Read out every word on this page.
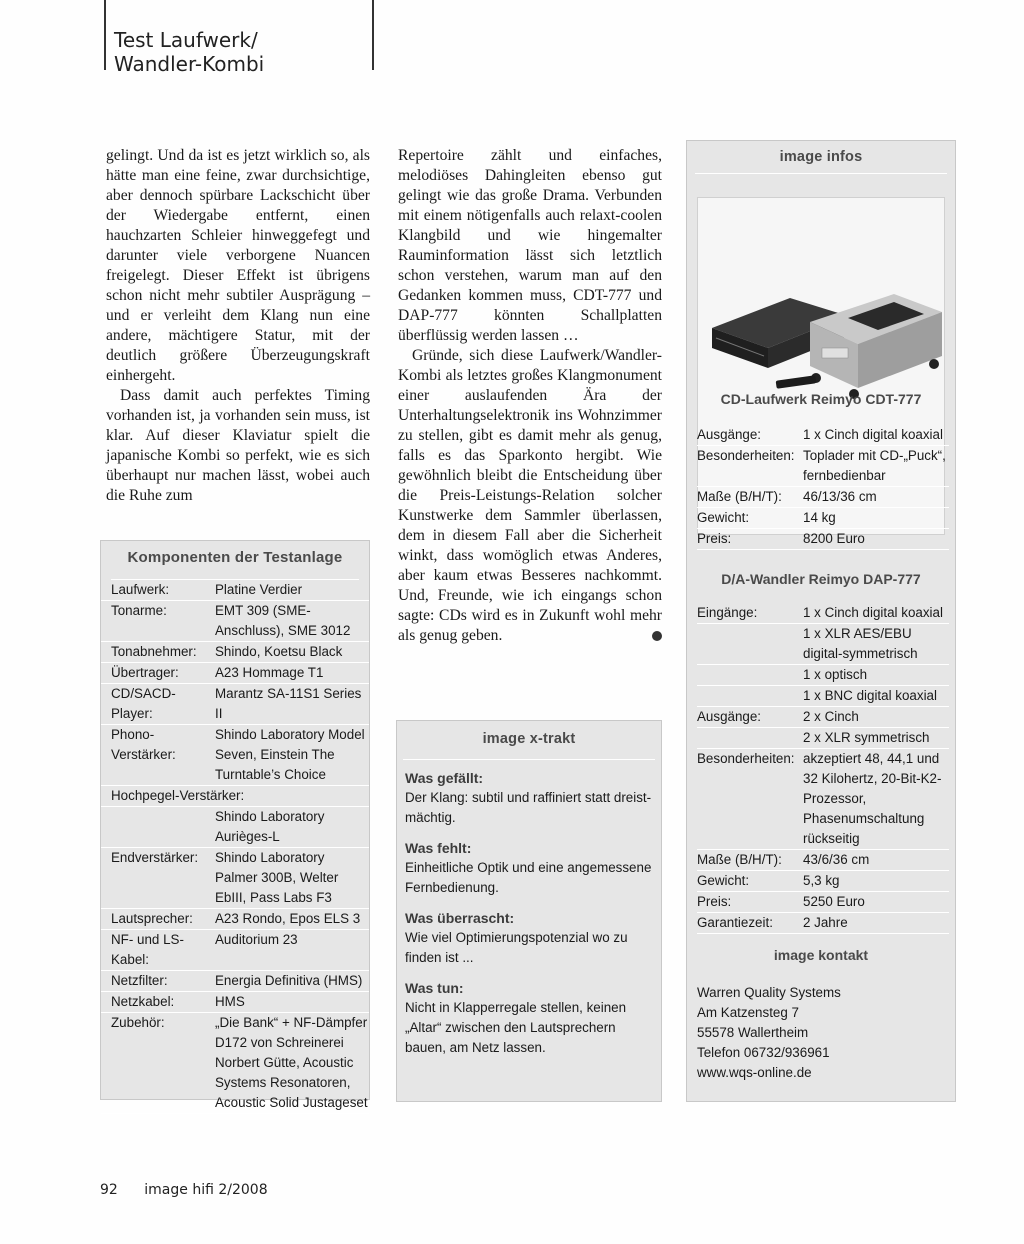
Test Laufwerk/
Wandler-Kombi

gelingt. Und da ist es jetzt wirklich so, als hätte man eine feine, zwar durchsichtige, aber dennoch spürbare Lackschicht über der Wiedergabe entfernt, einen hauchzarten Schleier hinweggefegt und darunter viele verborgene Nuancen freigelegt. Dieser Effekt ist übrigens schon nicht mehr subtiler Ausprägung – und er verleiht dem Klang nun eine andere, mächtigere Statur, mit der deutlich größere Überzeugungskraft einhergeht.

Dass damit auch perfektes Timing vorhanden ist, ja vorhanden sein muss, ist klar. Auf dieser Klaviatur spielt die japanische Kombi so perfekt, wie es sich überhaupt nur machen lässt, wobei auch die Ruhe zum

Repertoire zählt und einfaches, melodiöses Dahingleiten ebenso gut gelingt wie das große Drama. Verbunden mit einem nötigenfalls auch relaxt-coolen Klangbild und wie hingemalter Rauminformation lässt sich letztlich schon verstehen, warum man auf den Gedanken kommen muss, CDT-777 und DAP-777 könnten Schallplatten überflüssig werden lassen …

Gründe, sich diese Laufwerk/Wandler-Kombi als letztes großes Klangmonument einer auslaufenden Ära der Unterhaltungselektronik ins Wohnzimmer zu stellen, gibt es damit mehr als genug, falls es das Sparkonto hergibt. Wie gewöhnlich bleibt die Entscheidung über die Preis-Leistungs-Relation solcher Kunstwerke dem Sammler überlassen, dem in diesem Fall aber die Sicherheit winkt, dass womöglich etwas Anderes, aber kaum etwas Besseres nachkommt. Und, Freunde, wie ich eingangs schon sagte: CDs wird es in Zukunft wohl mehr als genug geben.

Komponenten der Testanlage
Laufwerk:	Platine Verdier
Tonarme:	EMT 309 (SME-Anschluss), SME 3012
Tonabnehmer:	Shindo, Koetsu Black
Übertrager:	A23 Hommage T1
CD/SACD-Player:
Marantz SA-11S1 Series II
Phono-Verstärker:
Shindo Laboratory Model Seven, Einstein The Turntable’s Choice
Hochpegel-Verstärker:
Shindo Laboratory Aurièges-L
Endverstärker:	Shindo Laboratory Palmer 300B, Welter EbIII, Pass Labs F3
Lautsprecher:	A23 Rondo, Epos ELS 3
NF- und LS-Kabel:
Auditorium 23
Netzfilter:	Energia Definitiva (HMS)
Netzkabel:	HMS
Zubehör:	„Die Bank“ + NF-Dämpfer D172 von Schreinerei Norbert Gütte, Acoustic Systems Resonatoren, Acoustic Solid Justageset
image x-trakt
Was gefällt:
Der Klang: subtil und raffiniert statt dreist-mächtig.
Was fehlt:
Einheitliche Optik und eine angemessene Fernbedienung.
Was überrascht:
Wie viel Optimierungspotenzial wo zu finden ist ...
Was tun:
Nicht in Klapperregale stellen, keinen „Altar“ zwischen den Lautsprechern bauen, am Netz lassen.
image infos
CD-Laufwerk Reimyo CDT-777
Ausgänge:	1 x Cinch digital koaxial
Besonderheiten: Toplader mit CD-„Puck“, fernbedienbar
Maße (B/H/T):	46/13/36 cm
Gewicht:	14 kg
Preis:	8200 Euro
D/A-Wandler Reimyo DAP-777
Eingänge:	1 x Cinch digital koaxial
1 x XLR AES/EBU digital-symmetrisch
1 x optisch
1 x BNC digital koaxial
Ausgänge:	2 x Cinch
2 x XLR symmetrisch
Besonderheiten: akzeptiert 48, 44,1 und 32 Kilohertz, 20-Bit-K2-Prozessor, Phasenumschaltung rückseitig
Maße (B/H/T):	43/6/36 cm
Gewicht:	5,3 kg
Preis:	5250 Euro
Garantiezeit:	2 Jahre
image kontakt
Warren Quality Systems
Am Katzensteg 7
55578 Wallertheim
Telefon 06732/936961
www.wqs-online.de
92 image hifi 2/2008
